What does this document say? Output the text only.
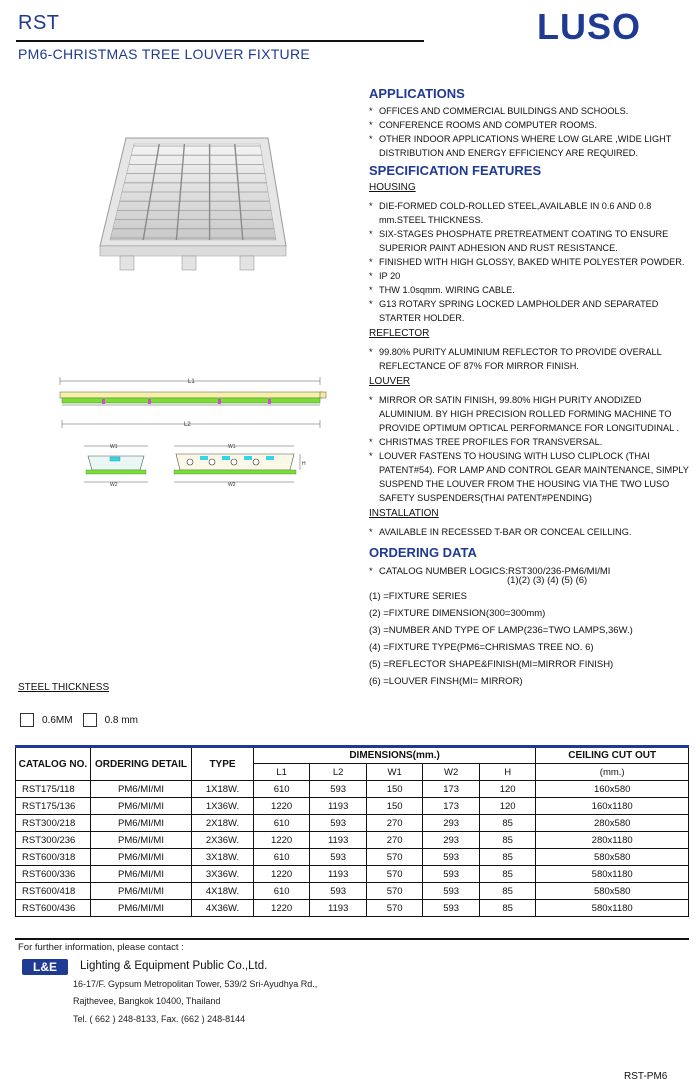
RST
PM6-CHRISTMAS TREE LOUVER FIXTURE
LUSO
APPLICATIONS
* OFFICES AND COMMERCIAL BUILDINGS AND SCHOOLS.
* CONFERENCE ROOMS AND COMPUTER ROOMS.
* OTHER INDOOR APPLICATIONS WHERE LOW GLARE ,WIDE LIGHT DISTRIBUTION AND ENERGY EFFICIENCY ARE REQUIRED.
SPECIFICATION FEATURES
HOUSING
* DIE-FORMED COLD-ROLLED STEEL,AVAILABLE IN 0.6 AND 0.8 mm.STEEL THICKNESS.
* SIX-STAGES PHOSPHATE PRETREATMENT COATING TO ENSURE SUPERIOR PAINT ADHESION AND RUST RESISTANCE.
* FINISHED WITH HIGH GLOSSY, BAKED WHITE POLYESTER POWDER.
* IP 20
* THW 1.0sqmm. WIRING CABLE.
* G13 ROTARY SPRING LOCKED LAMPHOLDER AND SEPARATED STARTER HOLDER.
REFLECTOR
* 99.80% PURITY ALUMINIUM REFLECTOR TO PROVIDE OVERALL REFLECTANCE OF 87% FOR MIRROR FINISH.
LOUVER
* MIRROR OR SATIN FINISH, 99.80% HIGH PURITY ANODIZED ALUMINIUM. BY HIGH PRECISION ROLLED FORMING MACHINE TO PROVIDE OPTIMUM OPTICAL PERFORMANCE FOR LONGITUDINAL .
* CHRISTMAS TREE PROFILES FOR TRANSVERSAL.
* LOUVER FASTENS TO HOUSING WITH LUSO CLIPLOCK (THAI PATENT#54). FOR LAMP AND CONTROL GEAR MAINTENANCE, SIMPLY SUSPEND THE LOUVER FROM THE HOUSING VIA THE TWO LUSO SAFETY SUSPENDERS(THAI PATENT#PENDING)
INSTALLATION
* AVAILABLE IN RECESSED T-BAR OR CONCEAL CEILLING.
ORDERING DATA
* CATALOG NUMBER LOGICS:RST300/236-PM6/MI/MI
(1)(2) (3) (4) (5) (6)
(1) =FIXTURE SERIES
(2) =FIXTURE DIMENSION(300=300mm)
(3) =NUMBER AND TYPE OF LAMP(236=TWO LAMPS,36W.)
(4) =FIXTURE TYPE(PM6=CHRISMAS TREE NO. 6)
(5) =REFLECTOR SHAPE&FINISH(MI=MIRROR FINISH)
(6) =LOUVER FINSH(MI= MIRROR)
L1
L2
W1
W2
W1
H
W2
STEEL THICKNESS
0.6MM	0.8 mm
CATALOG NO.	ORDERING DETAIL	TYPE	DIMENSIONS(mm.)					CEILING CUT OUT
			L1	L2	W1	W2	H	(mm.)
RST175/118	PM6/MI/MI	1X18W.	610	593	150	173	120	160x580
RST175/136	PM6/MI/MI	1X36W.	1220	1193	150	173	120	160x1180
RST300/218	PM6/MI/MI	2X18W.	610	593	270	293	85	280x580
RST300/236	PM6/MI/MI	2X36W.	1220	1193	270	293	85	280x1180
RST600/318	PM6/MI/MI	3X18W.	610	593	570	593	85	580x580
RST600/336	PM6/MI/MI	3X36W.	1220	1193	570	593	85	580x1180
RST600/418	PM6/MI/MI	4X18W.	610	593	570	593	85	580x580
RST600/436	PM6/MI/MI	4X36W.	1220	1193	570	593	85	580x1180
For further information, please contact :
L&E	Lighting & Equipment Public Co.,Ltd.
16-17/F. Gypsum Metropolitan Tower, 539/2 Sri-Ayudhya Rd.,
Rajthevee, Bangkok 10400, Thailand
Tel. ( 662 ) 248-8133, Fax. (662 ) 248-8144
RST-PM6
